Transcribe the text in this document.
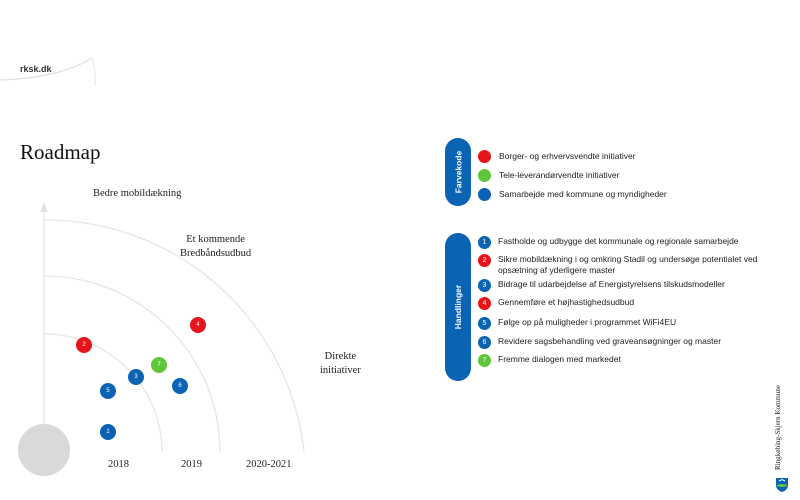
rksk.dk
Roadmap
Bedre mobildækning
Et kommende
Bredbåndsudbud
Direkte
initiativer
2018	2019	2020-2021
1
2
3
4
5
6
7
Farvekode	Borger- og erhvervsvendte initiativer
Tele-leverandørvendte initiativer
Samarbejde med kommune og myndigheder
Handlinger
1	Fastholde og udbygge det kommunale og regionale samarbejde
2	Sikre mobildækning i og omkring Stadil og undersøge potentialet ved opsætning af yderligere master
3	Bidrage til udarbejdelse af Energistyrelsens tilskudsmodeller
4	Gennemføre et højhastighedsudbud
5	Følge op på muligheder i programmet WiFi4EU
6	Revidere sagsbehandling ved graveansøgninger og master
7	Fremme dialogen med markedet
Ringkøbing-Skjern Kommune
